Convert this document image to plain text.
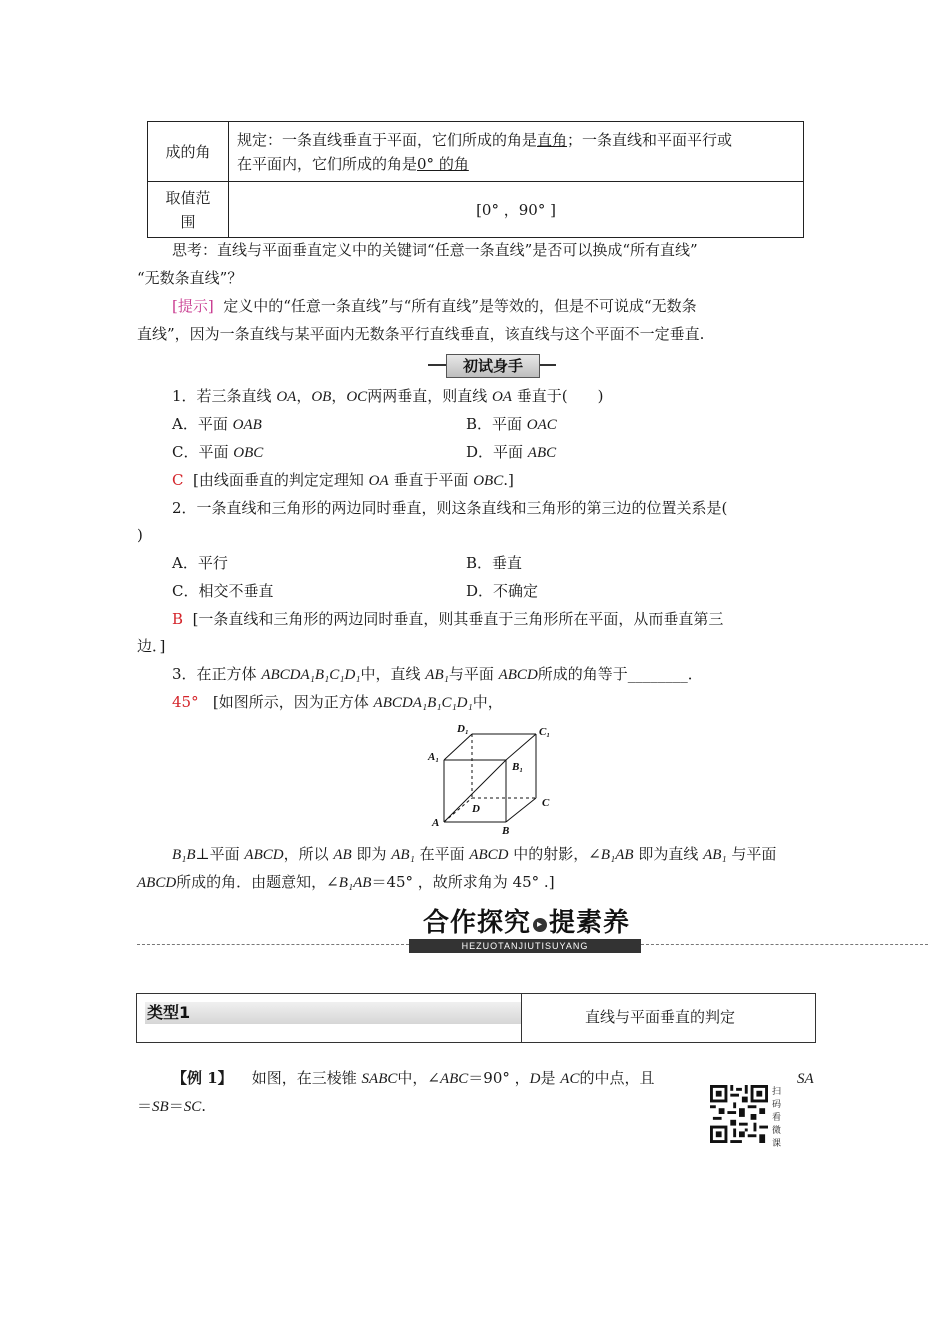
成的角	规定：一条直线垂直于平面，它们所成的角是直角；一条直线和平面平行或
在平面内，它们所成的角是0° 的角
取值范
围	[0° ，90° ]
思考：直线与平面垂直定义中的关键词“任意一条直线”是否可以换成“所有直线”
“无数条直线”？
[提示] 定义中的“任意一条直线”与“所有直线”是等效的，但是不可说成“无数条
直线”，因为一条直线与某平面内无数条平行直线垂直，该直线与这个平面不一定垂直.
初试身手
1．若三条直线 OA，OB，OC两两垂直，则直线 OA 垂直于(　　)
A．平面 OAB	B．平面 OAC
C．平面 OBC	D．平面 ABC
C [由线面垂直的判定定理知 OA 垂直于平面 OBC.]
2．一条直线和三角形的两边同时垂直，则这条直线和三角形的第三边的位置关系是(
)
A．平行	B．垂直
C．相交不垂直	D．不确定
B [一条直线和三角形的两边同时垂直，则其垂直于三角形所在平面，从而垂直第三
边．]
3．在正方体 ABCDA₁B₁C₁D₁中，直线 AB₁与平面 ABCD所成的角等于________．
45° [如图所示，因为正方体 ABCDA₁B₁C₁D₁中，
D₁	C₁
A₁
B₁
D	C
A
B
B₁B⊥平面 ABCD，所以 AB 即为 AB₁ 在平面 ABCD 中的射影，∠B₁AB 即为直线 AB₁ 与平面
ABCD所成的角．由题意知，∠B₁AB＝45° ，故所求角为 45° .]
合作探究 ▸ 提素养
HEZUOTANJIUTISUYANG
类型1	直线与平面垂直的判定
【例 1】 如图，在三棱锥 SABC中，∠ABC＝90° ，D是 AC的中点，且	SA
＝SB＝SC.
扫码看微课
